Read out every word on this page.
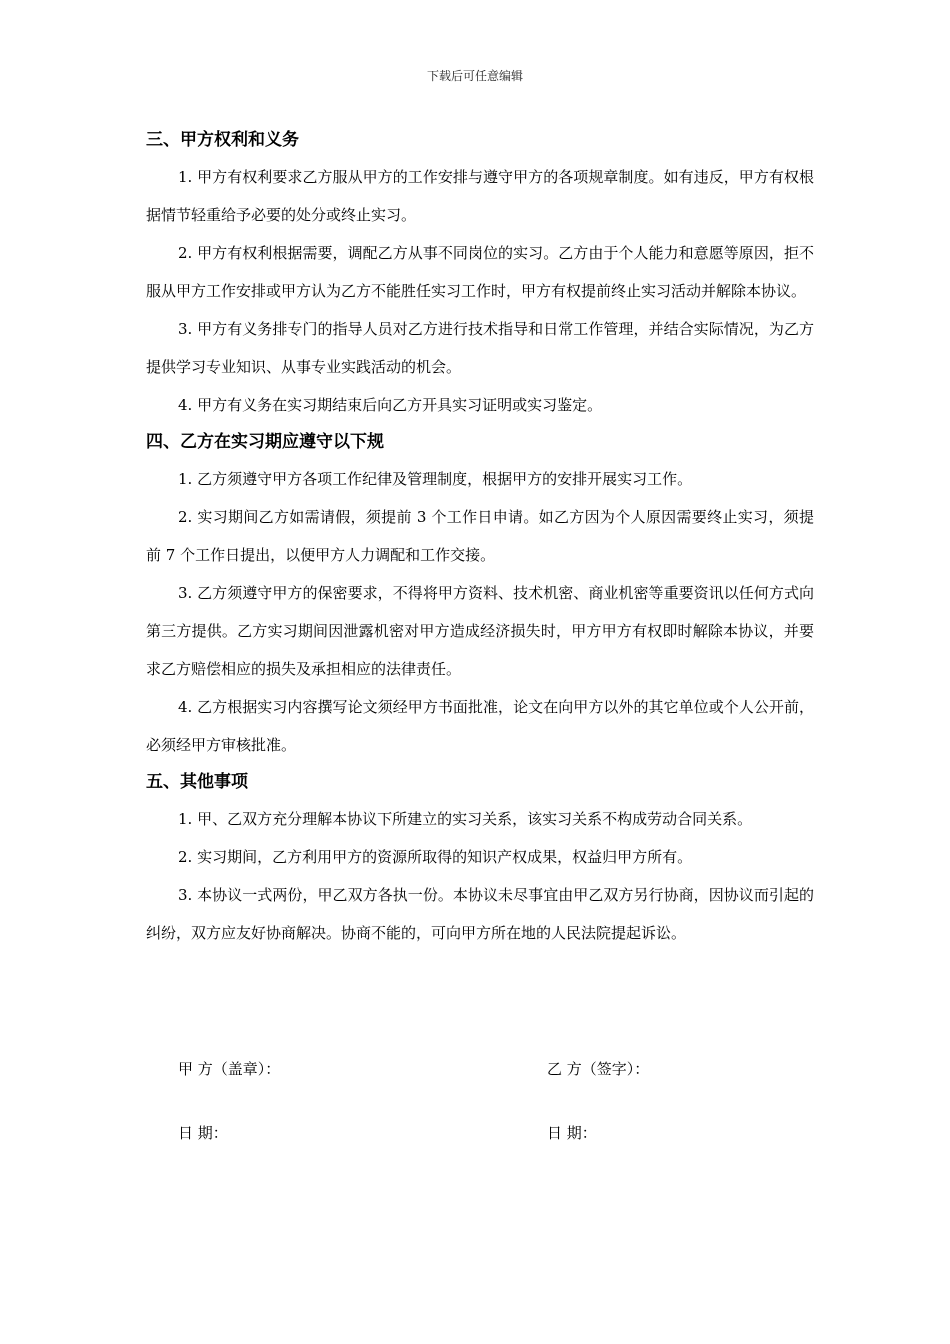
下载后可任意编辑
三、甲方权利和义务

1. 甲方有权利要求乙方服从甲方的工作安排与遵守甲方的各项规章制度。如有违反，甲方有权根据情节轻重给予必要的处分或终止实习。

2. 甲方有权利根据需要，调配乙方从事不同岗位的实习。乙方由于个人能力和意愿等原因，拒不服从甲方工作安排或甲方认为乙方不能胜任实习工作时，甲方有权提前终止实习活动并解除本协议。

3. 甲方有义务排专门的指导人员对乙方进行技术指导和日常工作管理，并结合实际情况，为乙方提供学习专业知识、从事专业实践活动的机会。

4. 甲方有义务在实习期结束后向乙方开具实习证明或实习鉴定。

四、乙方在实习期应遵守以下规

1. 乙方须遵守甲方各项工作纪律及管理制度，根据甲方的安排开展实习工作。

2. 实习期间乙方如需请假，须提前 3 个工作日申请。如乙方因为个人原因需要终止实习，须提前 7 个工作日提出，以便甲方人力调配和工作交接。

3. 乙方须遵守甲方的保密要求，不得将甲方资料、技术机密、商业机密等重要资讯以任何方式向第三方提供。乙方实习期间因泄露机密对甲方造成经济损失时，甲方甲方有权即时解除本协议，并要求乙方赔偿相应的损失及承担相应的法律责任。

4. 乙方根据实习内容撰写论文须经甲方书面批准，论文在向甲方以外的其它单位或个人公开前，必须经甲方审核批准。

五、其他事项

1. 甲、乙双方充分理解本协议下所建立的实习关系，该实习关系不构成劳动合同关系。

2. 实习期间，乙方利用甲方的资源所取得的知识产权成果，权益归甲方所有。

3. 本协议一式两份，甲乙双方各执一份。本协议未尽事宜由甲乙双方另行协商，因协议而引起的纠纷，双方应友好协商解决。协商不能的，可向甲方所在地的人民法院提起诉讼。

甲 方（盖章）：	乙 方（签字）：
日 期：	日 期：
